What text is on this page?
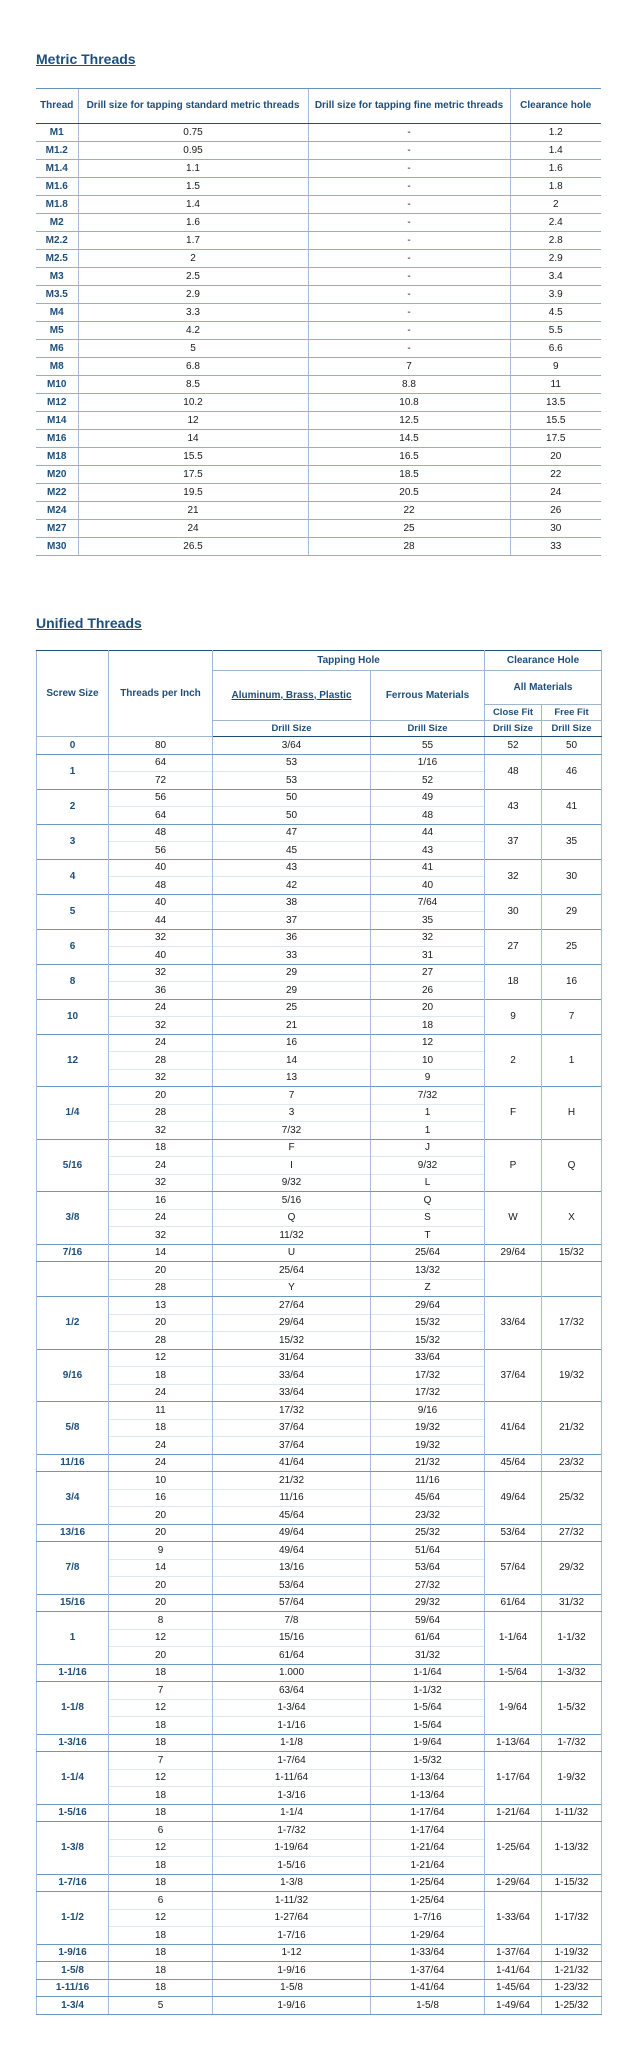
Metric Threads
Thread	Drill size for tapping standard metric threads	Drill size for tapping fine metric threads	Clearance hole
M1	0.75	-	1.2
M1.2	0.95	-	1.4
M1.4	1.1	-	1.6
M1.6	1.5	-	1.8
M1.8	1.4	-	2
M2	1.6	-	2.4
M2.2	1.7	-	2.8
M2.5	2	-	2.9
M3	2.5	-	3.4
M3.5	2.9	-	3.9
M4	3.3	-	4.5
M5	4.2	-	5.5
M6	5	-	6.6
M8	6.8	7	9
M10	8.5	8.8	11
M12	10.2	10.8	13.5
M14	12	12.5	15.5
M16	14	14.5	17.5
M18	15.5	16.5	20
M20	17.5	18.5	22
M22	19.5	20.5	24
M24	21	22	26
M27	24	25	30
M30	26.5	28	33
Unified Threads
Screw Size	Threads per Inch	Tapping Hole		Clearance Hole	
		Aluminum, Brass, Plastic	Ferrous Materials	All Materials	
				Close Fit	Free Fit
		Drill Size	Drill Size	Drill Size	Drill Size
0	80	3/64	55	52	50
1	64	53	1/16	48	46
	72	53	52		
2	56	50	49	43	41
	64	50	48		
3	48	47	44	37	35
	56	45	43		
4	40	43	41	32	30
	48	42	40		
5	40	38	7/64	30	29
	44	37	35		
6	32	36	32	27	25
	40	33	31		
8	32	29	27	18	16
	36	29	26		
10	24	25	20	9	7
	32	21	18		
12	24	16	12	2	1
	28	14	10		
	32	13	9		
1/4	20	7	7/32	F	H
	28	3	1		
	32	7/32	1		
5/16	18	F	J	P	Q
	24	I	9/32		
	32	9/32	L		
3/8	16	5/16	Q	W	X
	24	Q	S		
	32	11/32	T		
7/16	14	U	25/64	29/64	15/32
	20	25/64	13/32		
	28	Y	Z		
1/2	13	27/64	29/64	33/64	17/32
	20	29/64	15/32		
	28	15/32	15/32		
9/16	12	31/64	33/64	37/64	19/32
	18	33/64	17/32		
	24	33/64	17/32		
5/8	11	17/32	9/16	41/64	21/32
	18	37/64	19/32		
	24	37/64	19/32		
11/16	24	41/64	21/32	45/64	23/32
3/4	10	21/32	11/16	49/64	25/32
	16	11/16	45/64		
	20	45/64	23/32		
13/16	20	49/64	25/32	53/64	27/32
7/8	9	49/64	51/64	57/64	29/32
	14	13/16	53/64		
	20	53/64	27/32		
15/16	20	57/64	29/32	61/64	31/32
1	8	7/8	59/64	1-1/64	1-1/32
	12	15/16	61/64		
	20	61/64	31/32		
1-1/16	18	1.000	1-1/64	1-5/64	1-3/32
1-1/8	7	63/64	1-1/32	1-9/64	1-5/32
	12	1-3/64	1-5/64		
	18	1-1/16	1-5/64		
1-3/16	18	1-1/8	1-9/64	1-13/64	1-7/32
1-1/4	7	1-7/64	1-5/32	1-17/64	1-9/32
	12	1-11/64	1-13/64		
	18	1-3/16	1-13/64		
1-5/16	18	1-1/4	1-17/64	1-21/64	1-11/32
1-3/8	6	1-7/32	1-17/64	1-25/64	1-13/32
	12	1-19/64	1-21/64		
	18	1-5/16	1-21/64		
1-7/16	18	1-3/8	1-25/64	1-29/64	1-15/32
1-1/2	6	1-11/32	1-25/64	1-33/64	1-17/32
	12	1-27/64	1-7/16		
	18	1-7/16	1-29/64		
1-9/16	18	1-12	1-33/64	1-37/64	1-19/32
1-5/8	18	1-9/16	1-37/64	1-41/64	1-21/32
1-11/16	18	1-5/8	1-41/64	1-45/64	1-23/32
1-3/4	5	1-9/16	1-5/8	1-49/64	1-25/32
